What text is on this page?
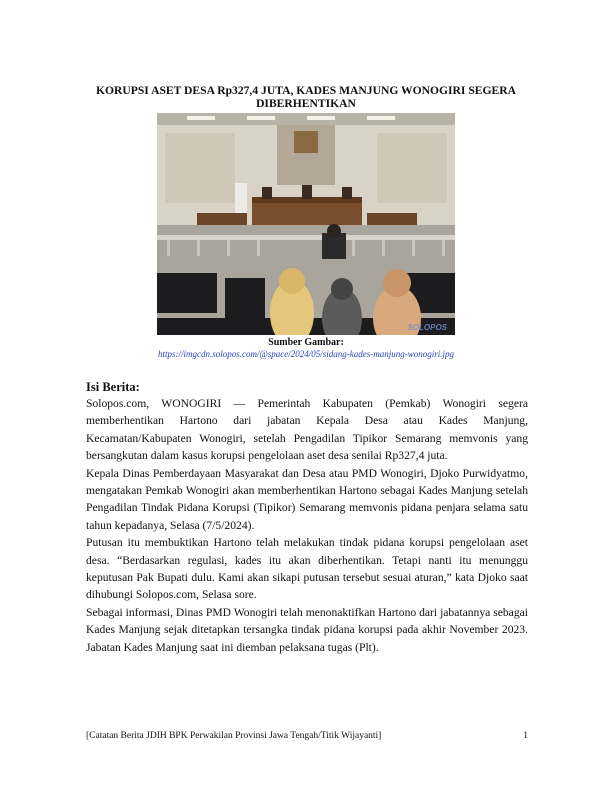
KORUPSI ASET DESA Rp327,4 JUTA, KADES MANJUNG WONOGIRI SEGERA DIBERHENTIKAN
SOLOPOS
Sumber Gambar:
https://imgcdn.solopos.com/@space/2024/05/sidang-kades-manjung-wonogiri.jpg
Isi Berita:

Solopos.com, WONOGIRI — Pemerintah Kabupaten (Pemkab) Wonogiri segera memberhentikan Hartono dari jabatan Kepala Desa atau Kades Manjung, Kecamatan/Kabupaten Wonogiri, setelah Pengadilan Tipikor Semarang memvonis yang bersangkutan dalam kasus korupsi pengelolaan aset desa senilai Rp327,4 juta.

Kepala Dinas Pemberdayaan Masyarakat dan Desa atau PMD Wonogiri, Djoko Purwidyatmo, mengatakan Pemkab Wonogiri akan memberhentikan Hartono sebagai Kades Manjung setelah Pengadilan Tindak Pidana Korupsi (Tipikor) Semarang memvonis pidana penjara selama satu tahun kepadanya, Selasa (7/5/2024).

Putusan itu membuktikan Hartono telah melakukan tindak pidana korupsi pengelolaan aset desa. “Berdasarkan regulasi, kades itu akan diberhentikan. Tetapi nanti itu menunggu keputusan Pak Bupati dulu. Kami akan sikapi putusan tersebut sesuai aturan,” kata Djoko saat dihubungi Solopos.com, Selasa sore.

Sebagai informasi, Dinas PMD Wonogiri telah menonaktifkan Hartono dari jabatannya sebagai Kades Manjung sejak ditetapkan tersangka tindak pidana korupsi pada akhir November 2023. Jabatan Kades Manjung saat ini diemban pelaksana tugas (Plt).

[Catatan Berita JDIH BPK Perwakilan Provinsi Jawa Tengah/Titik Wijayanti]	1
